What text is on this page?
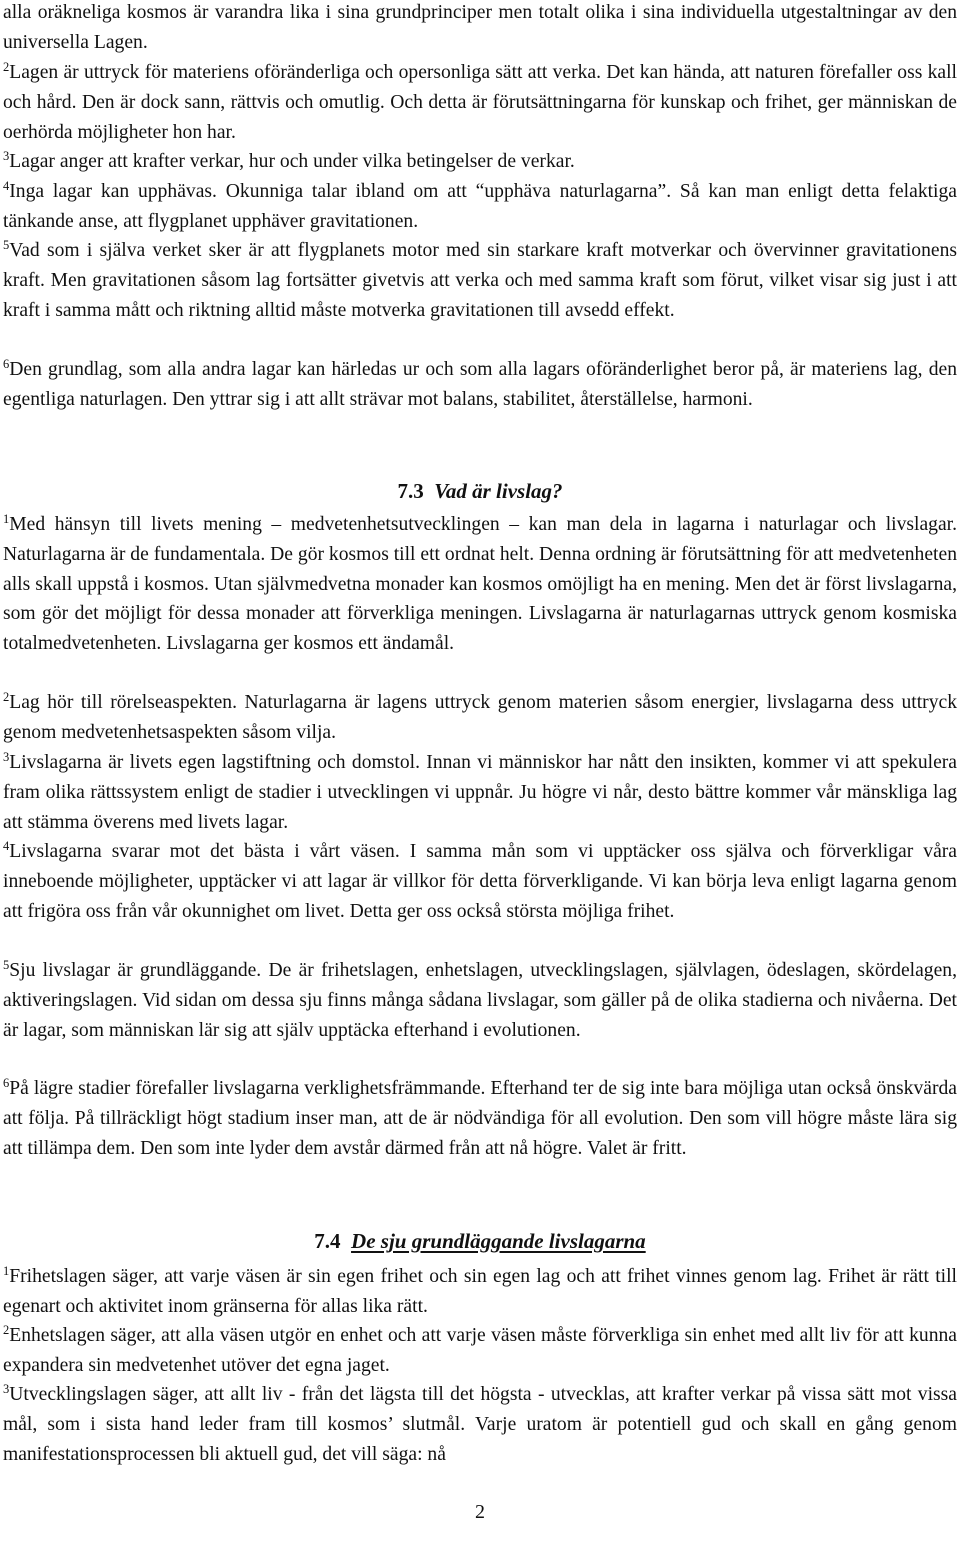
alla oräkneliga kosmos är varandra lika i sina grundprinciper men totalt olika i sina individuella utgestaltningar av den universella Lagen.

$^2$Lagen är uttryck för materiens oföränderliga och opersonliga sätt att verka. Det kan hända, att naturen förefaller oss kall och hård. Den är dock sann, rättvis och omutlig. Och detta är förutsättningarna för kunskap och frihet, ger människan de oerhörda möjligheter hon har.

$^3$Lagar anger att krafter verkar, hur och under vilka betingelser de verkar.

$^4$Inga lagar kan upphävas. Okunniga talar ibland om att “upphäva naturlagarna”. Så kan man enligt detta felaktiga tänkande anse, att flygplanet upphäver gravitationen.

$^5$Vad som i själva verket sker är att flygplanets motor med sin starkare kraft motverkar och övervinner gravitationens kraft. Men gravitationen såsom lag fortsätter givetvis att verka och med samma kraft som förut, vilket visar sig just i att kraft i samma mått och riktning alltid måste motverka gravitationen till avsedd effekt.

$^6$Den grundlag, som alla andra lagar kan härledas ur och som alla lagars oföränderlighet beror på, är materiens lag, den egentliga naturlagen. Den yttrar sig i att allt strävar mot balans, stabilitet, återställelse, harmoni.

7.3 Vad är livslag?

$^1$Med hänsyn till livets mening – medvetenhetsutvecklingen – kan man dela in lagarna i naturlagar och livslagar. Naturlagarna är de fundamentala. De gör kosmos till ett ordnat helt. Denna ordning är förutsättning för att medvetenheten alls skall uppstå i kosmos. Utan självmedvetna monader kan kosmos omöjligt ha en mening. Men det är först livslagarna, som gör det möjligt för dessa monader att förverkliga meningen. Livslagarna är naturlagarnas uttryck genom kosmiska totalmedvetenheten. Livslagarna ger kosmos ett ändamål.

$^2$Lag hör till rörelseaspekten. Naturlagarna är lagens uttryck genom materien såsom energier, livslagarna dess uttryck genom medvetenhetsaspekten såsom vilja.

$^3$Livslagarna är livets egen lagstiftning och domstol. Innan vi människor har nått den insikten, kommer vi att spekulera fram olika rättssystem enligt de stadier i utvecklingen vi uppnår. Ju högre vi når, desto bättre kommer vår mänskliga lag att stämma överens med livets lagar.

$^4$Livslagarna svarar mot det bästa i vårt väsen. I samma mån som vi upptäcker oss själva och förverkligar våra inneboende möjligheter, upptäcker vi att lagar är villkor för detta förverkligande. Vi kan börja leva enligt lagarna genom att frigöra oss från vår okunnighet om livet. Detta ger oss också största möjliga frihet.

$^5$Sju livslagar är grundläggande. De är frihetslagen, enhetslagen, utvecklingslagen, självlagen, ödeslagen, skördelagen, aktiveringslagen. Vid sidan om dessa sju finns många sådana livslagar, som gäller på de olika stadierna och nivåerna. Det är lagar, som människan lär sig att själv upptäcka efterhand i evolutionen.

$^6$På lägre stadier förefaller livslagarna verklighetsfrämmande. Efterhand ter de sig inte bara möjliga utan också önskvärda att följa. På tillräckligt högt stadium inser man, att de är nödvändiga för all evolution. Den som vill högre måste lära sig att tillämpa dem. Den som inte lyder dem avstår därmed från att nå högre. Valet är fritt.

7.4 De sju grundläggande livslagarna

$^1$Frihetslagen säger, att varje väsen är sin egen frihet och sin egen lag och att frihet vinnes genom lag. Frihet är rätt till egenart och aktivitet inom gränserna för allas lika rätt.

$^2$Enhetslagen säger, att alla väsen utgör en enhet och att varje väsen måste förverkliga sin enhet med allt liv för att kunna expandera sin medvetenhet utöver det egna jaget.

$^3$Utvecklingslagen säger, att allt liv - från det lägsta till det högsta - utvecklas, att krafter verkar på vissa sätt mot vissa mål, som i sista hand leder fram till kosmos’ slutmål. Varje uratom är potentiell gud och skall en gång genom manifestationsprocessen bli aktuell gud, det vill säga: nå

2
